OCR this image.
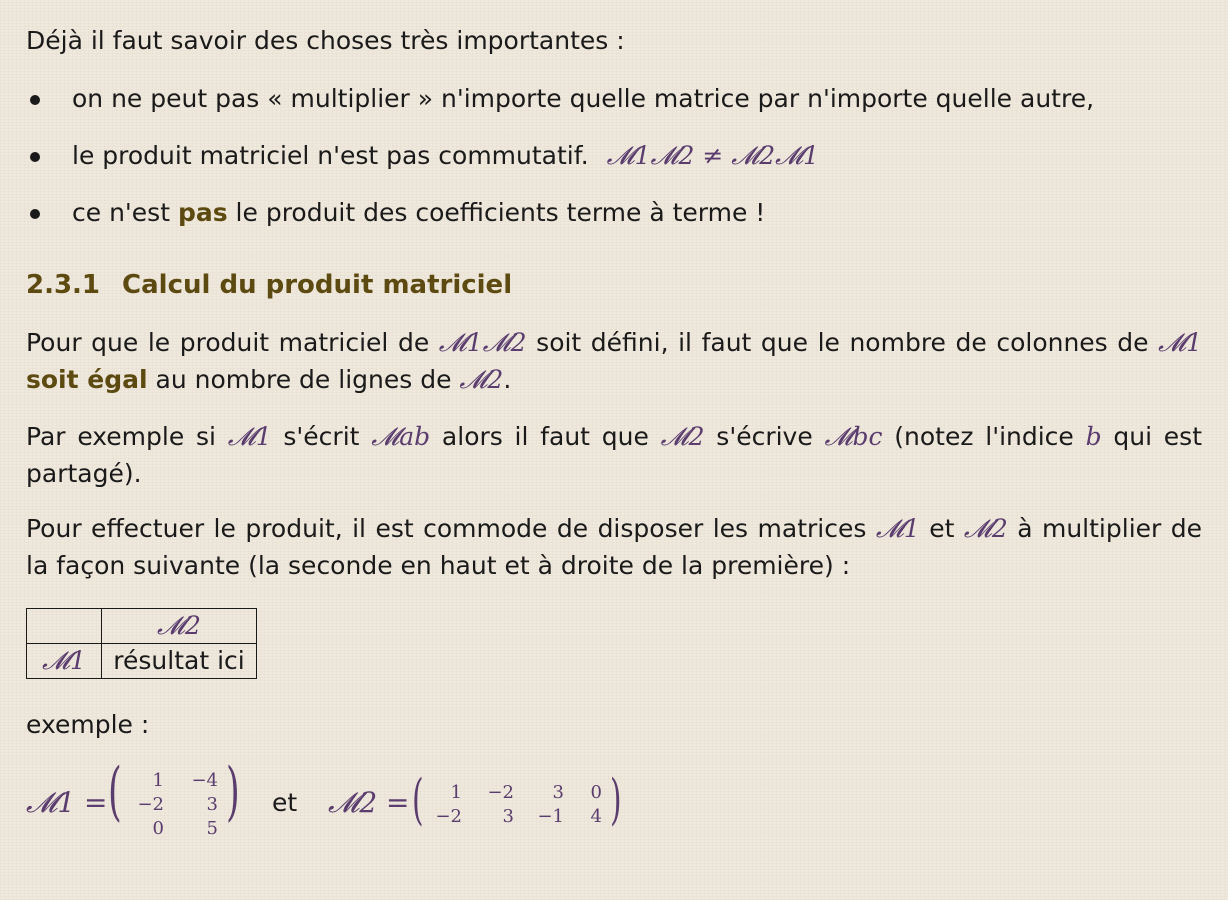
Déjà il faut savoir des choses très importantes :

on ne peut pas « multiplier » n'importe quelle matrice par n'importe quelle autre,
le produit matriciel n'est pas commutatif. 𝓜1𝓜2 ≠ 𝓜2𝓜1
ce n'est pas le produit des coefficients terme à terme !
2.3.1 Calcul du produit matriciel

Pour que le produit matriciel de 𝓜1𝓜2 soit défini, il faut que le nombre de colonnes de 𝓜1 soit égal au nombre de lignes de 𝓜2.

Par exemple si 𝓜1 s'écrit 𝓜ab alors il faut que 𝓜2 s'écrive 𝓜bc (notez l'indice b qui est partagé).

Pour effectuer le produit, il est commode de disposer les matrices 𝓜1 et 𝓜2 à multiplier de la façon suivante (la seconde en haut et à droite de la première) :

	𝓜2
𝓜1	résultat ici

exemple :

𝓜1 = (	1 −4
−2	3
0	5 ) et 𝓜2 = (	1 −2	3	0
−2	3 −1	4 )
